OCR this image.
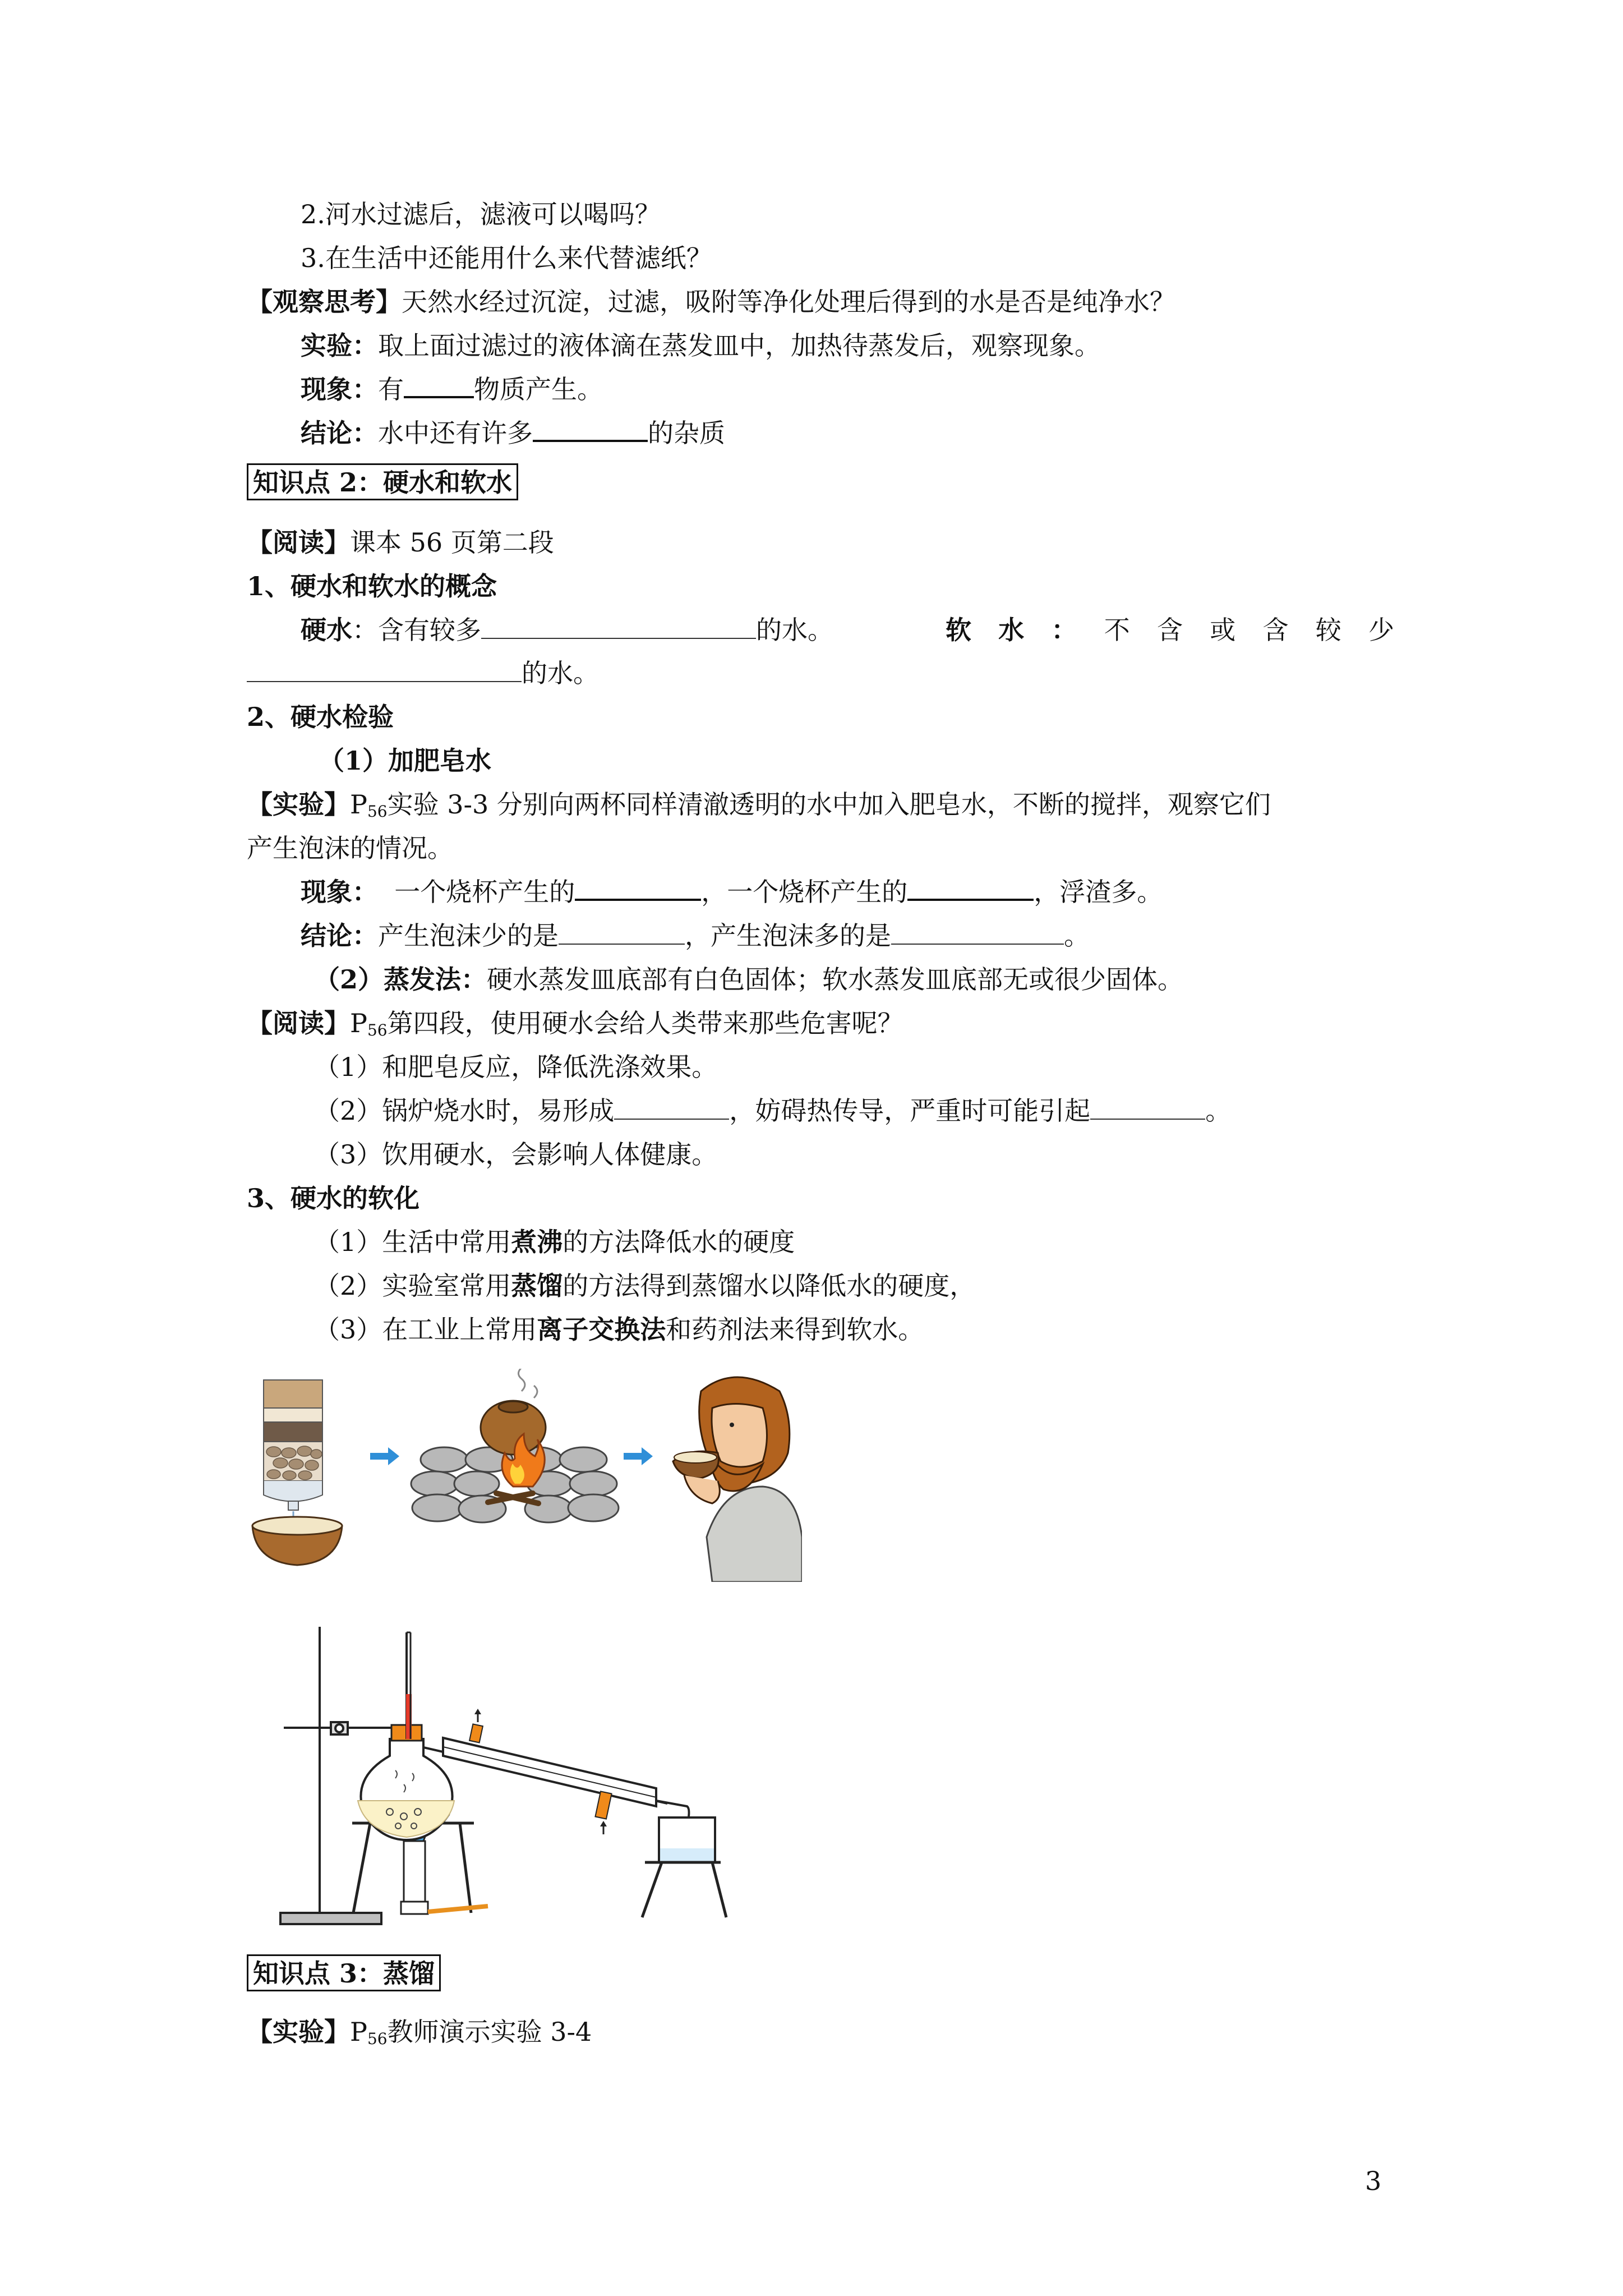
2.河水过滤后，滤液可以喝吗？
3.在生活中还能用什么来代替滤纸？
【观察思考】天然水经过沉淀，过滤，吸附等净化处理后得到的水是否是纯净水？
实验：取上面过滤过的液体滴在蒸发皿中，加热待蒸发后，观察现象。
现象：有	物质产生。
结论：水中还有许多	的杂质
知识点 2：硬水和软水
【阅读】课本 56 页第二段
1、硬水和软水的概念
硬水：含有较多	的水。	软 水 ： 不 含 或 含 较 少
的水。
2、硬水检验
（1）加肥皂水
【实验】$P_{56}$实验 3-3 分别向两杯同样清澈透明的水中加入肥皂水，不断的搅拌，观察它们
产生泡沫的情况。
现象：  一个烧杯产生的	，一个烧杯产生的	，浮渣多。
结论：产生泡沫少的是	，产生泡沫多的是	。
（2）蒸发法：硬水蒸发皿底部有白色固体；软水蒸发皿底部无或很少固体。
【阅读】$P_{56}$第四段，使用硬水会给人类带来那些危害呢？
（1）和肥皂反应，降低洗涤效果。
（2）锅炉烧水时，易形成	，妨碍热传导，严重时可能引起	。
（3）饮用硬水，会影响人体健康。
3、硬水的软化
（1）生活中常用煮沸的方法降低水的硬度
（2）实验室常用蒸馏的方法得到蒸馏水以降低水的硬度，
（3）在工业上常用离子交换法和药剂法来得到软水。
知识点 3：蒸馏
【实验】$P_{56}$教师演示实验 3-4
3
